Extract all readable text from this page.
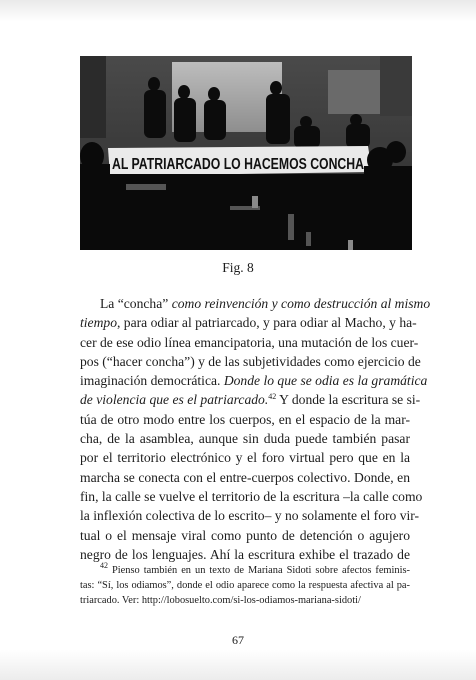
AL PATRIARCADO LO HACEMOS CONCHA
Fig. 8
La “concha” como reinvención y como destrucción al mismo
tiempo, para odiar al patriarcado, y para odiar al Macho, y ha-
cer de ese odio línea emancipatoria, una mutación de los cuer-
pos (“hacer concha”) y de las subjetividades como ejercicio de
imaginación democrática. Donde lo que se odia es la gramática
de violencia que es el patriarcado.$^{42}$ Y donde la escritura se si-
túa de otro modo entre los cuerpos, en el espacio de la mar-
cha, de la asamblea, aunque sin duda puede también pasar
por el territorio electrónico y el foro virtual pero que en la
marcha se conecta con el entre-cuerpos colectivo. Donde, en
fin, la calle se vuelve el territorio de la escritura –la calle como
la inflexión colectiva de lo escrito– y no solamente el foro vir-
tual o el mensaje viral como punto de detención o agujero
negro de los lenguajes. Ahí la escritura exhibe el trazado de
$^{42}$ Pienso también en un texto de Mariana Sidoti sobre afectos feminis-
tas: “Sí, los odiamos”, donde el odio aparece como la respuesta afectiva al pa-
triarcado. Ver: http://lobosuelto.com/si-los-odiamos-mariana-sidoti/
67
